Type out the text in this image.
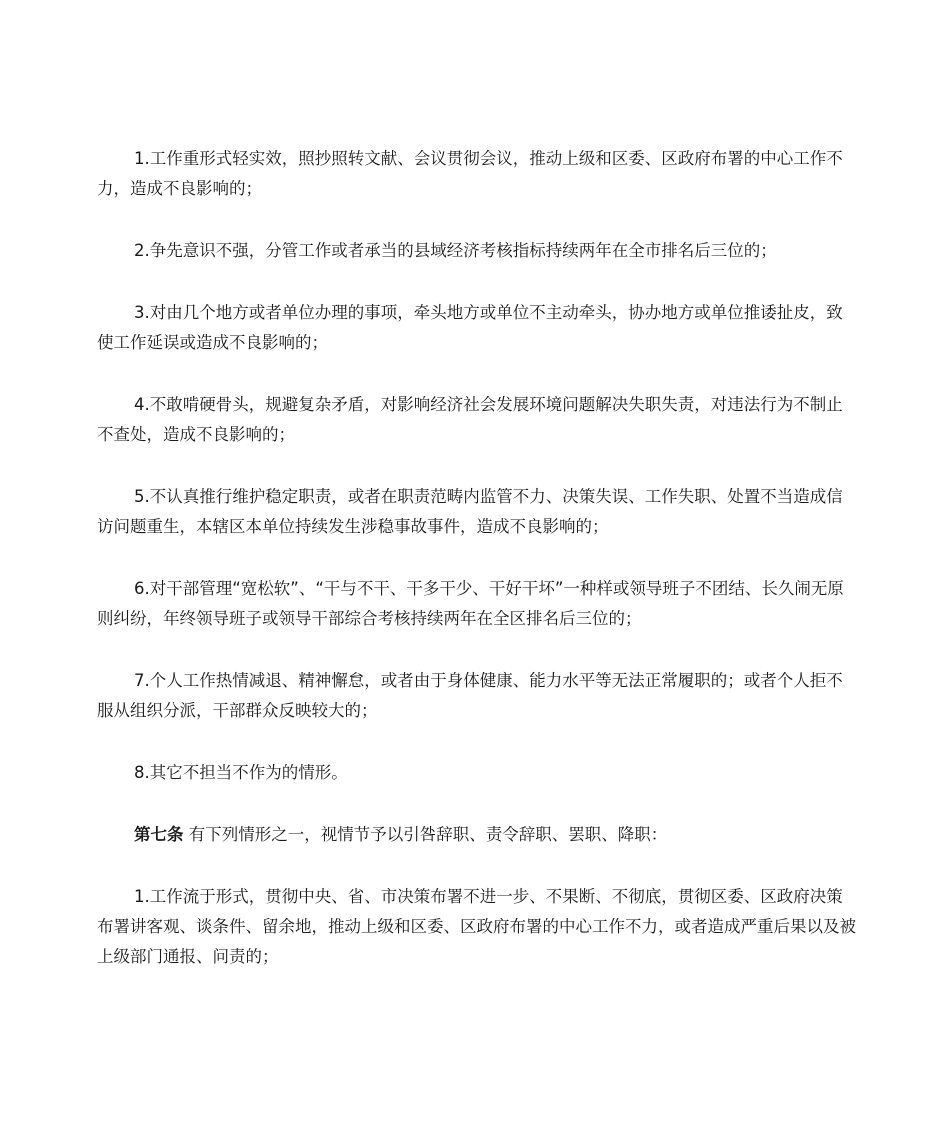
1.工作重形式轻实效，照抄照转文献、会议贯彻会议，推动上级和区委、区政府布署的中心工作不力，造成不良影响的；

2.争先意识不强，分管工作或者承当的县域经济考核指标持续两年在全市排名后三位的；

3.对由几个地方或者单位办理的事项，牵头地方或单位不主动牵头，协办地方或单位推诿扯皮，致使工作延误或造成不良影响的；

4.不敢啃硬骨头，规避复杂矛盾，对影响经济社会发展环境问题解决失职失责，对违法行为不制止不查处，造成不良影响的；

5.不认真推行维护稳定职责，或者在职责范畴内监管不力、决策失误、工作失职、处置不当造成信访问题重生，本辖区本单位持续发生涉稳事故事件，造成不良影响的；

6.对干部管理“宽松软”、“干与不干、干多干少、干好干坏”一种样或领导班子不团结、长久闹无原则纠纷，年终领导班子或领导干部综合考核持续两年在全区排名后三位的；

7.个人工作热情减退、精神懈怠，或者由于身体健康、能力水平等无法正常履职的；或者个人拒不服从组织分派，干部群众反映较大的；

8.其它不担当不作为的情形。

第七条 有下列情形之一，视情节予以引咎辞职、责令辞职、罢职、降职：

1.工作流于形式，贯彻中央、省、市决策布署不进一步、不果断、不彻底，贯彻区委、区政府决策布署讲客观、谈条件、留余地，推动上级和区委、区政府布署的中心工作不力，或者造成严重后果以及被上级部门通报、问责的；
